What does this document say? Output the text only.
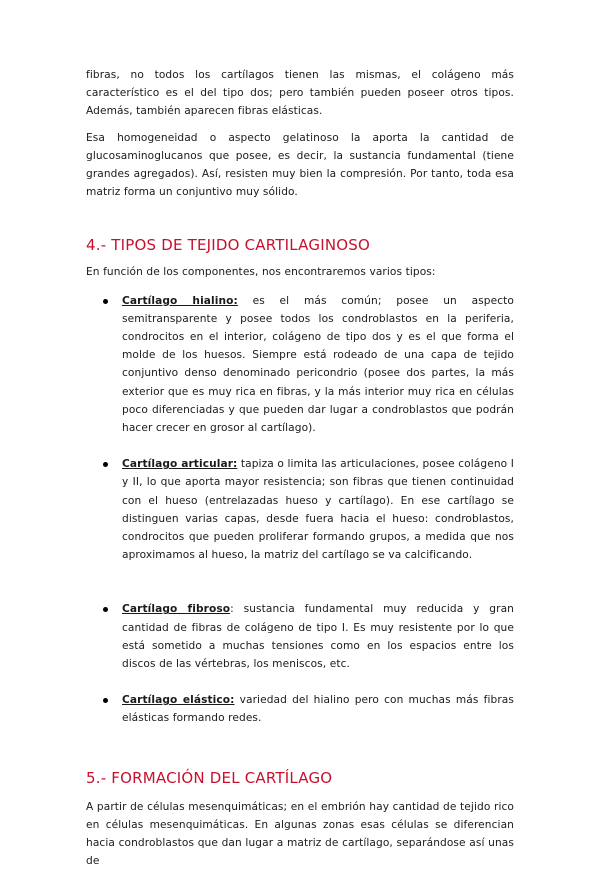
fibras, no todos los cartílagos tienen las mismas, el colágeno más característico es el del tipo dos; pero también pueden poseer otros tipos. Además, también aparecen fibras elásticas.

Esa homogeneidad o aspecto gelatinoso la aporta la cantidad de glucosaminoglucanos que posee, es decir, la sustancia fundamental (tiene grandes agregados). Así, resisten muy bien la compresión. Por tanto, toda esa matriz forma un conjuntivo muy sólido.

4.- TIPOS DE TEJIDO CARTILAGINOSO

En función de los componentes, nos encontraremos varios tipos:

Cartílago hialino: es el más común; posee un aspecto semitransparente y posee todos los condroblastos en la periferia, condrocitos en el interior, colágeno de tipo dos y es el que forma el molde de los huesos. Siempre está rodeado de una capa de tejido conjuntivo denso denominado pericondrio (posee dos partes, la más exterior que es muy rica en fibras, y la más interior muy rica en células poco diferenciadas y que pueden dar lugar a condroblastos que podrán hacer crecer en grosor al cartílago).

Cartílago articular: tapiza o limita las articulaciones, posee colágeno I y II, lo que aporta mayor resistencia; son fibras que tienen continuidad con el hueso (entrelazadas hueso y cartílago). En ese cartílago se distinguen varias capas, desde fuera hacia el hueso: condroblastos, condrocitos que pueden proliferar formando grupos, a medida que nos aproximamos al hueso, la matriz del cartílago se va calcificando.

Cartílago fibroso: sustancia fundamental muy reducida y gran cantidad de fibras de colágeno de tipo I. Es muy resistente por lo que está sometido a muchas tensiones como en los espacios entre los discos de las vértebras, los meniscos, etc.

Cartílago elástico: variedad del hialino pero con muchas más fibras elásticas formando redes.

5.- FORMACIÓN DEL CARTÍLAGO

A partir de células mesenquimáticas; en el embrión hay cantidad de tejido rico en células mesenquimáticas. En algunas zonas esas células se diferencian hacia condroblastos que dan lugar a matriz de cartílago, separándose así unas de
